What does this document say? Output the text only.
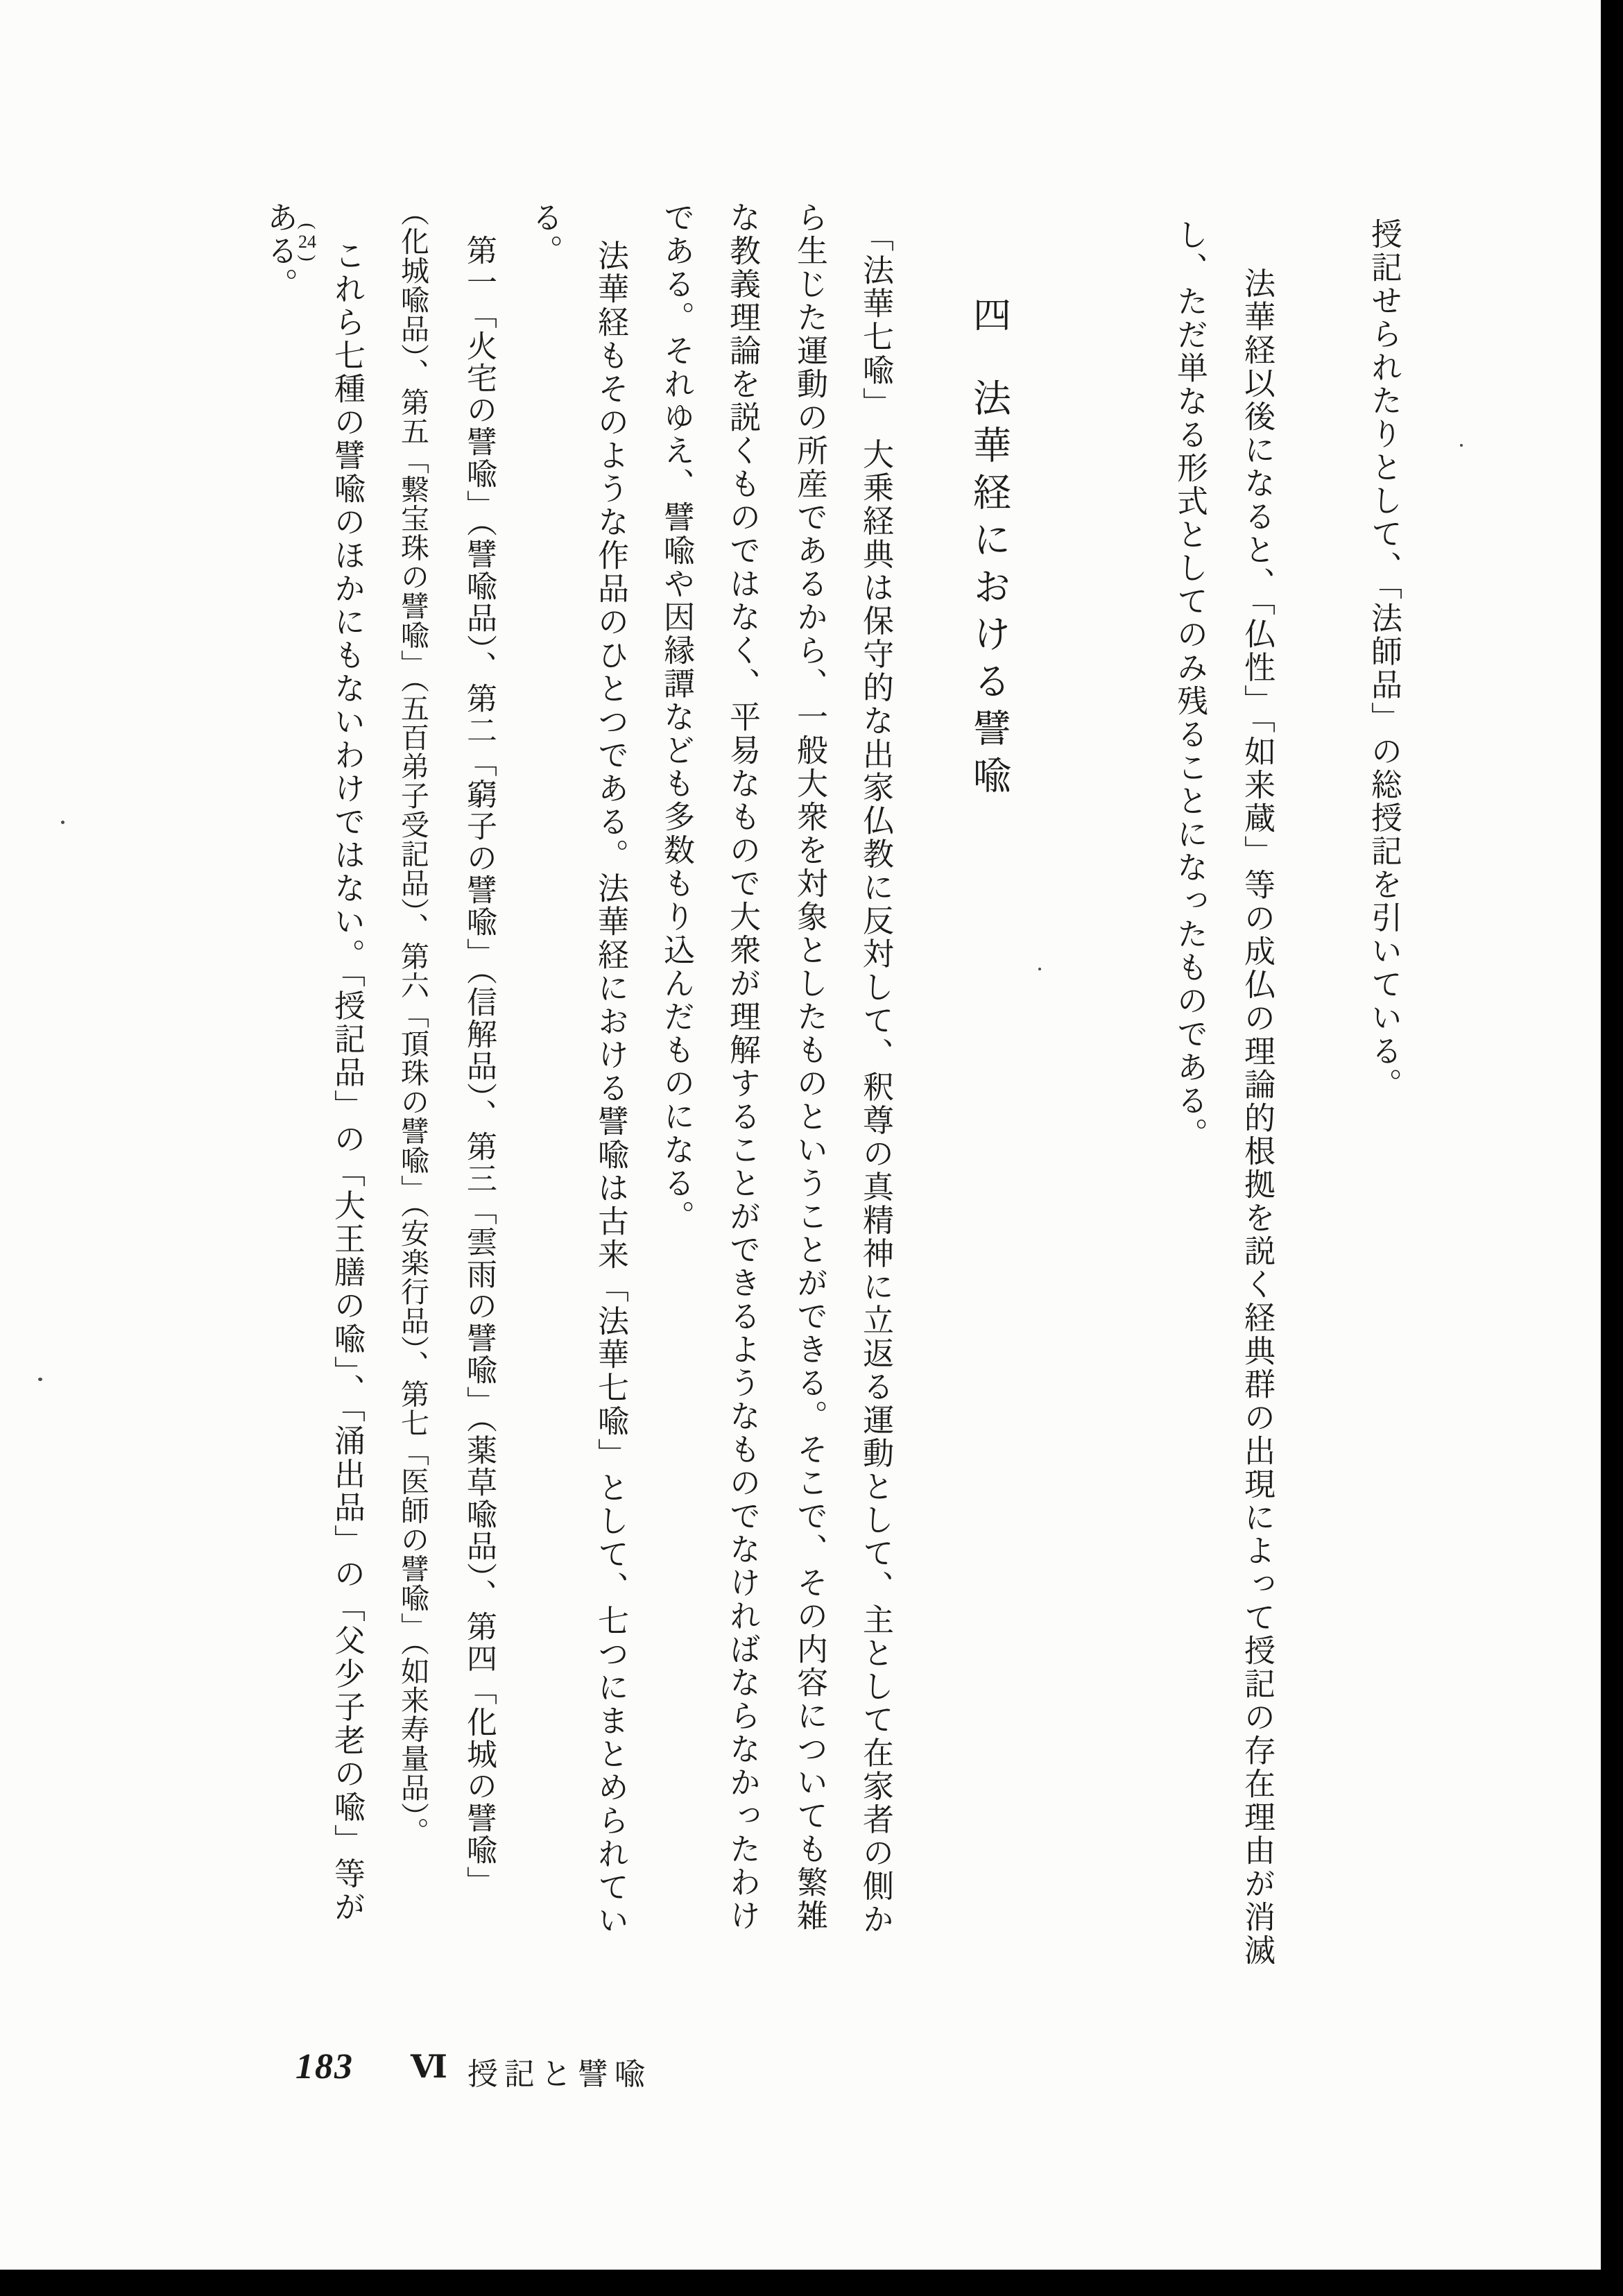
授記せられたりとして、「法師品」の総授記を引いている。
法華経以後になると、「仏性」「如来蔵」等の成仏の理論的根拠を説く経典群の出現によって授記の存在理由が消滅
し、ただ単なる形式としてのみ残ることになったものである。
四法華経における譬喩
「法華七喩」　大乗経典は保守的な出家仏教に反対して、釈尊の真精神に立返る運動として、主として在家者の側か
ら生じた運動の所産であるから、一般大衆を対象としたものということができる。そこで、その内容についても繁雑
な教義理論を説くものではなく、平易なもので大衆が理解することができるようなものでなければならなかったわけ
である。それゆえ、譬喩や因縁譚なども多数もり込んだものになる。
法華経もそのような作品のひとつである。法華経における譬喩は古来「法華七喩」として、七つにまとめられてい
る。
第一「火宅の譬喩」（譬喩品）、第二「窮子の譬喩」（信解品）、第三「雲雨の譬喩」（薬草喩品）、第四「化城の譬喩」
（化城喩品）、第五「繋宝珠の譬喩」（五百弟子受記品）、第六「頂珠の譬喩」（安楽行品）、第七「医師の譬喩」（如来寿量品）。
これら七種の譬喩のほかにもないわけではない。「授記品」の「大王膳の喩」、「涌出品」の「父少子老の喩」等が
ある。 (
24
)
183 Ⅵ 授記と譬喩
